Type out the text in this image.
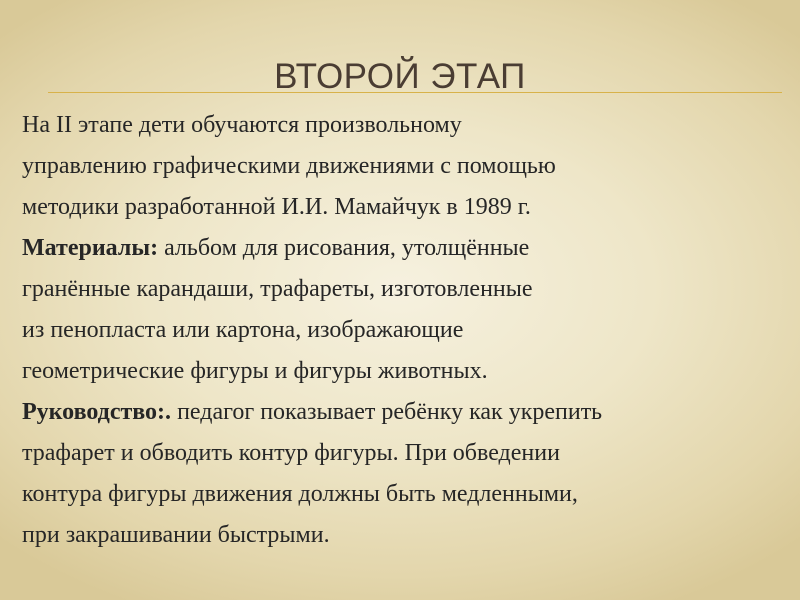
ВТОРОЙ ЭТАП
На II этапе дети обучаются произвольному
управлению графическими движениями с помощью
методики разработанной И.И. Мамайчук в 1989 г.
Материалы: альбом для рисования, утолщённые
гранённые карандаши, трафареты, изготовленные
из пенопласта или картона, изображающие
геометрические фигуры и фигуры животных.
Руководство:. педагог показывает ребёнку как укрепить
трафарет и обводить контур фигуры. При обведении
контура фигуры движения должны быть медленными,
при закрашивании быстрыми.
